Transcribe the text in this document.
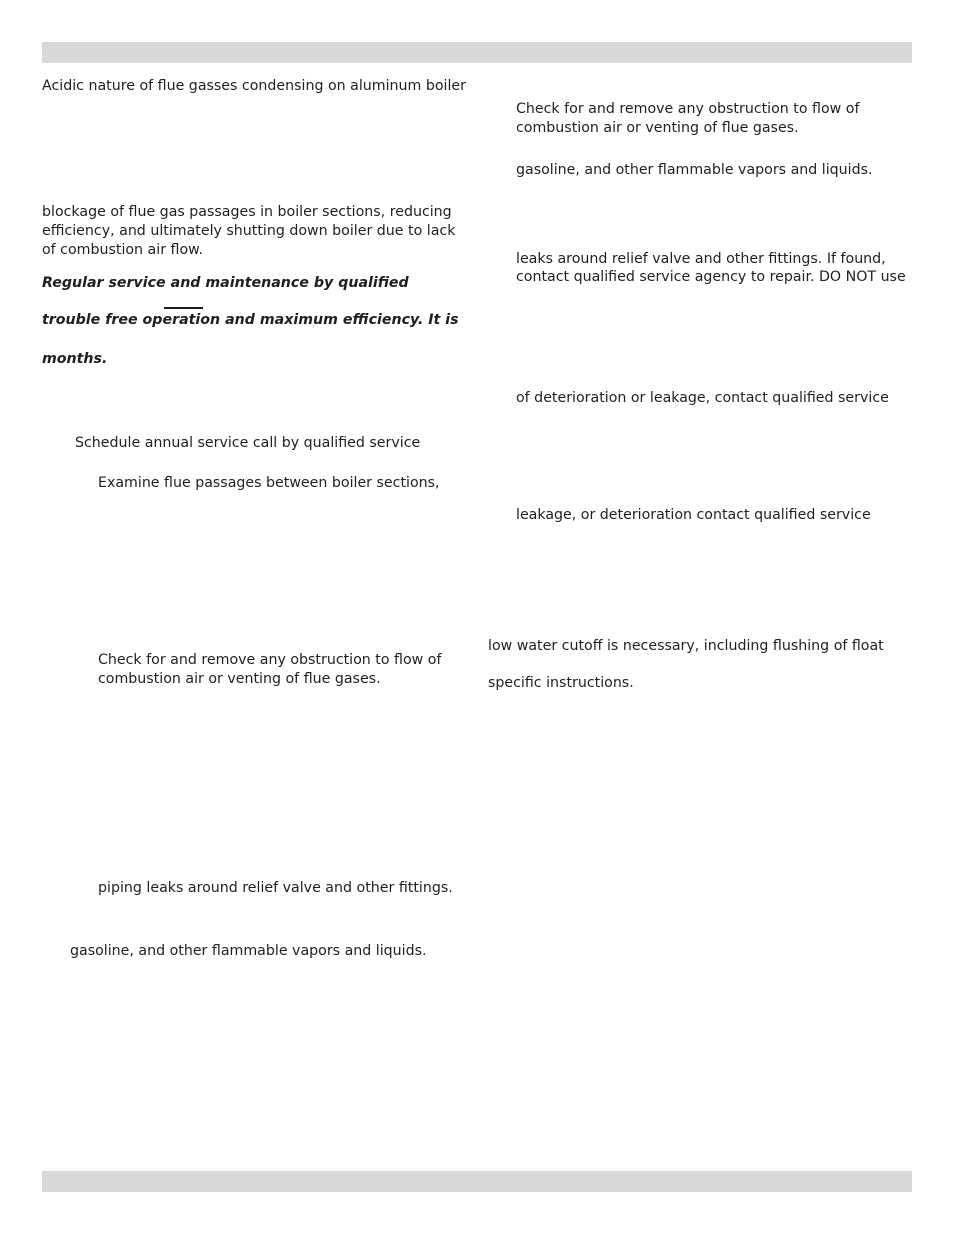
Acidic nature of flue gasses condensing on aluminum boiler
blockage of flue gas passages in boiler sections, reducing
efficiency, and ultimately shutting down boiler due to lack
of combustion air flow.
Regular service and maintenance by qualified
trouble free operation and maximum efficiency. It is
months.
Schedule annual service call by qualified service
Examine flue passages between boiler sections,
Check for and remove any obstruction to flow of
combustion air or venting of flue gases.
piping leaks around relief valve and other fittings.
gasoline, and other flammable vapors and liquids.
Check for and remove any obstruction to flow of
combustion air or venting of flue gases.
gasoline, and other flammable vapors and liquids.
leaks around relief valve and other fittings. If found,
contact qualified service agency to repair. DO NOT use
of deterioration or leakage, contact qualified service
leakage, or deterioration contact qualified service
low water cutoff is necessary, including flushing of float
specific instructions.
